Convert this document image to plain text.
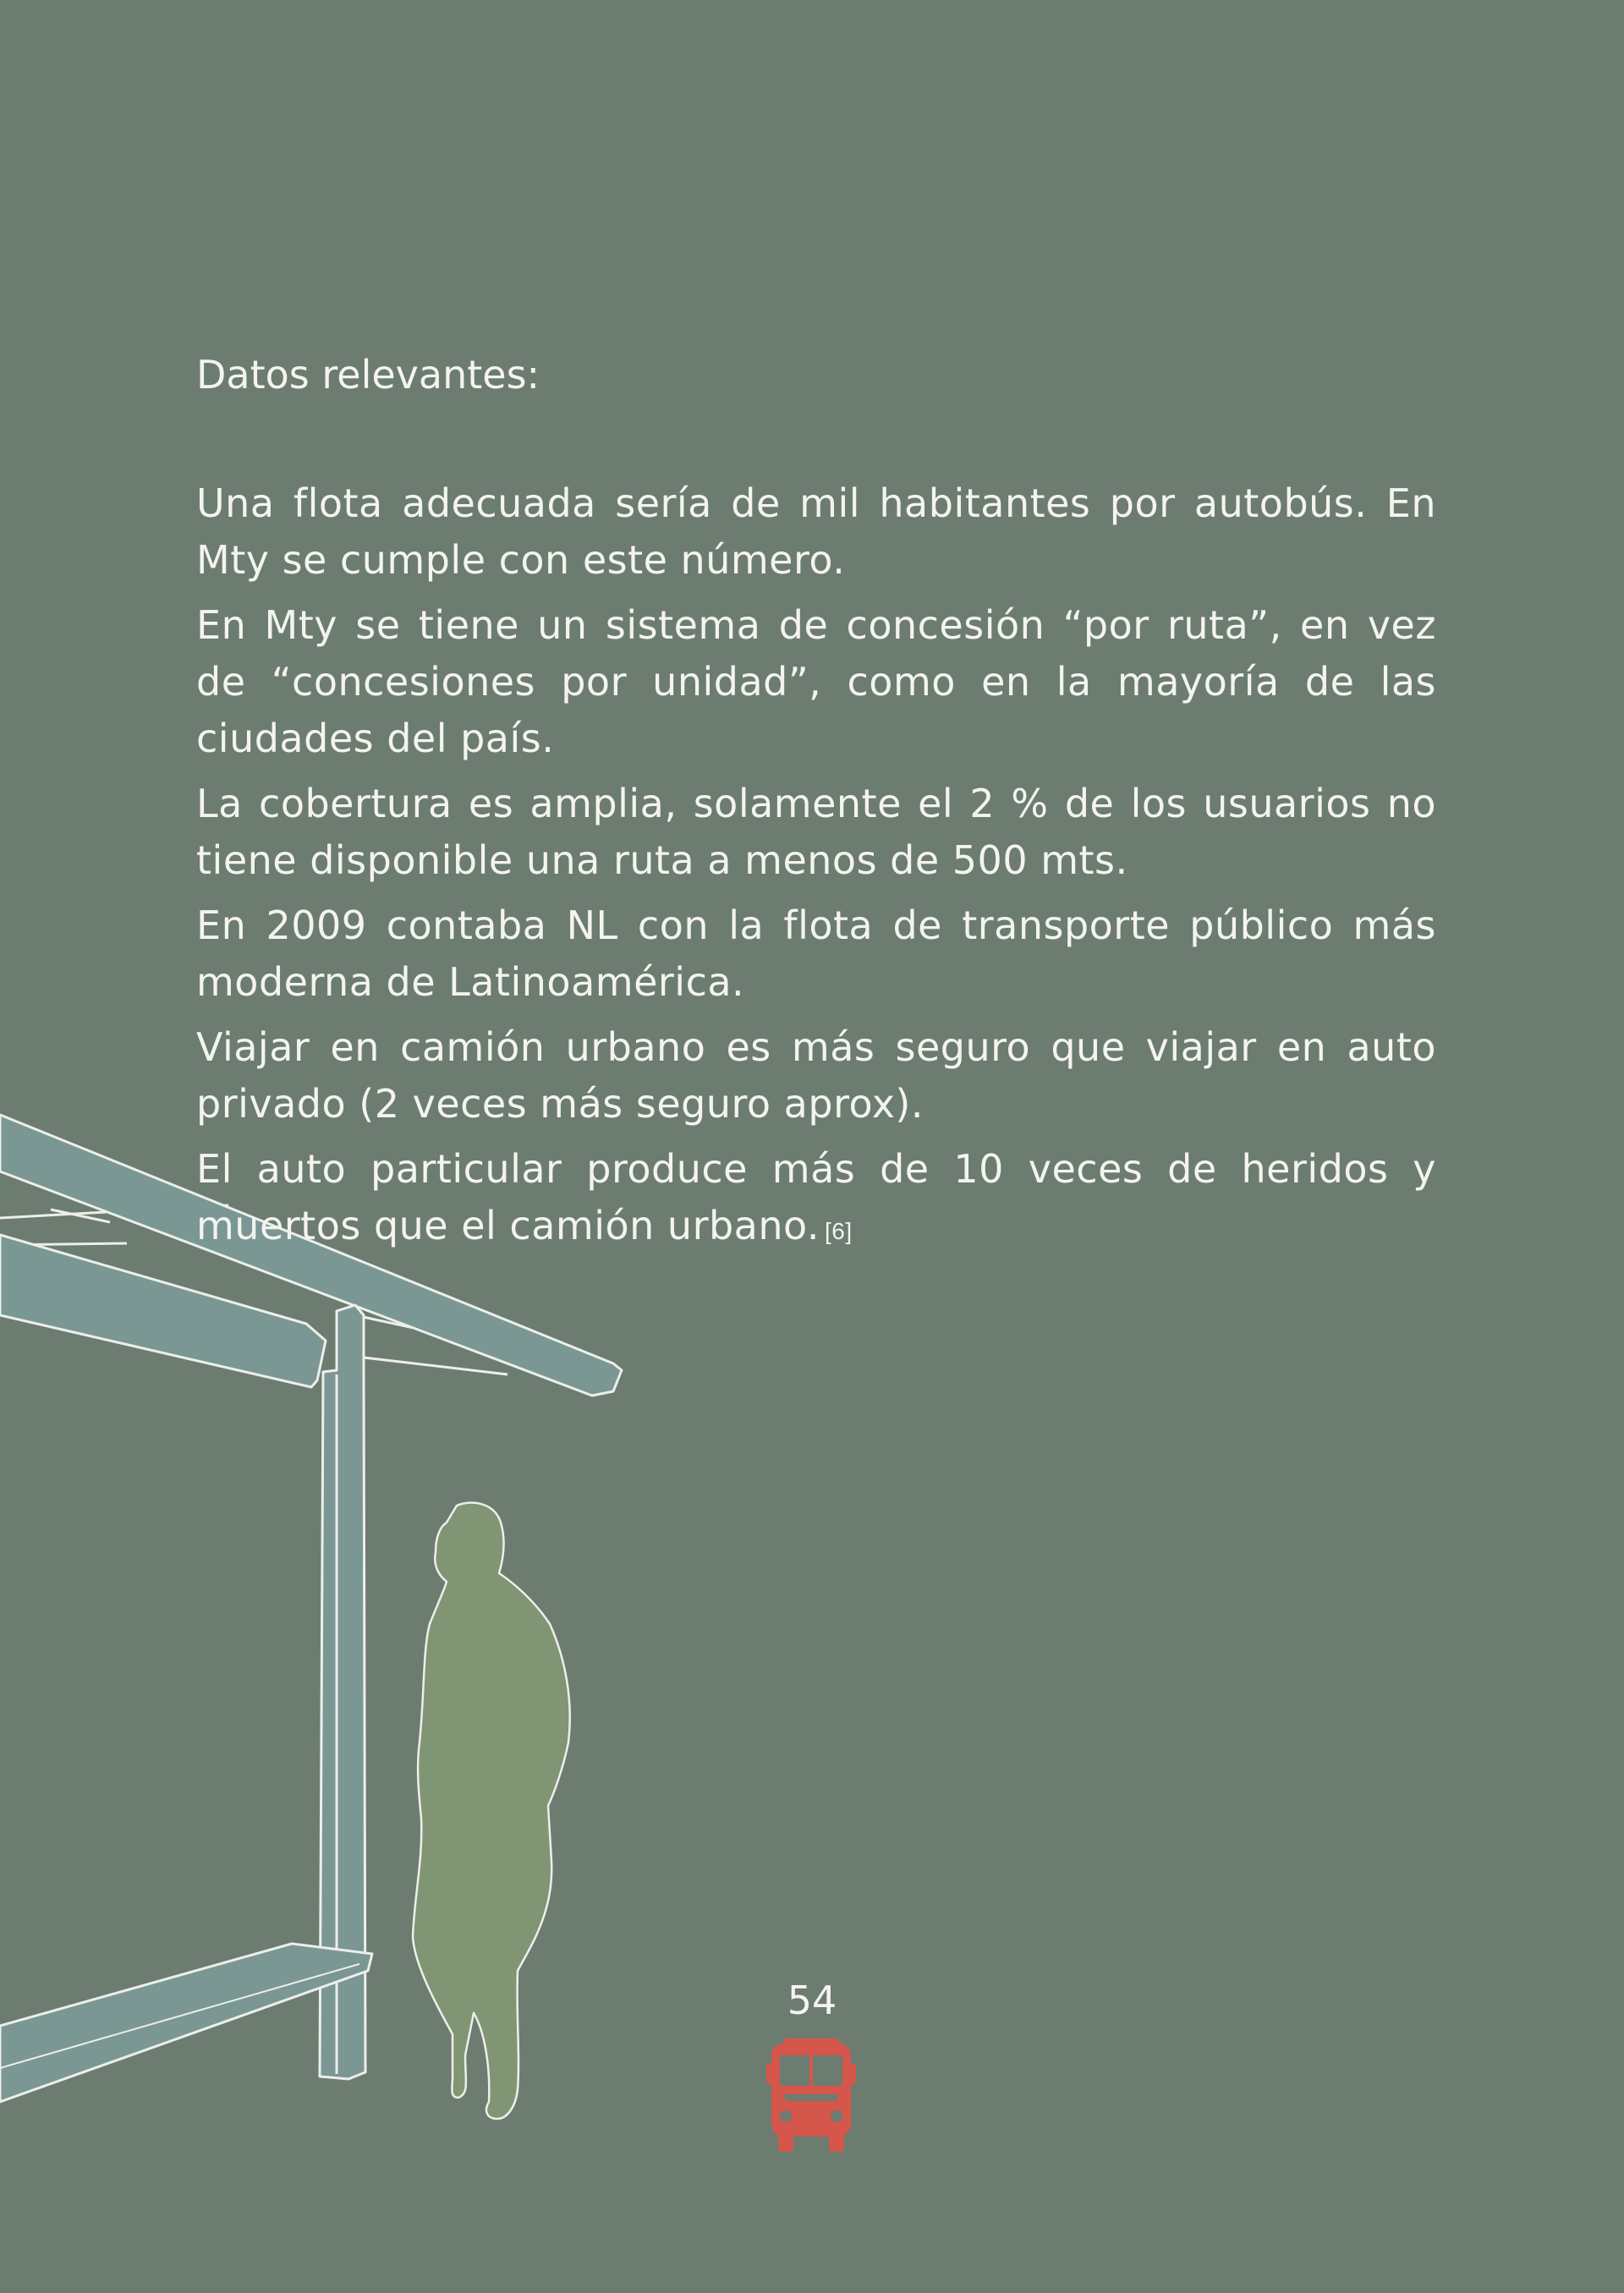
Datos relevantes:

Una flota adecuada sería de mil habitantes por autobús. En Mty se cumple con este número.

En Mty se tiene un sistema de concesión “por ruta”, en vez de “concesiones por unidad”, como en la mayoría de las ciudades del país.

La cobertura es amplia, solamente el 2 % de los usuarios no tiene disponible una ruta a menos de 500 mts.

En 2009 contaba NL con la flota de transporte público más moderna de Latinoamérica.

Viajar en camión urbano es más seguro que viajar en auto privado (2 veces más seguro aprox).

El auto particular produce más de 10 veces de heridos y muertos que el camión urbano. [6]

54
